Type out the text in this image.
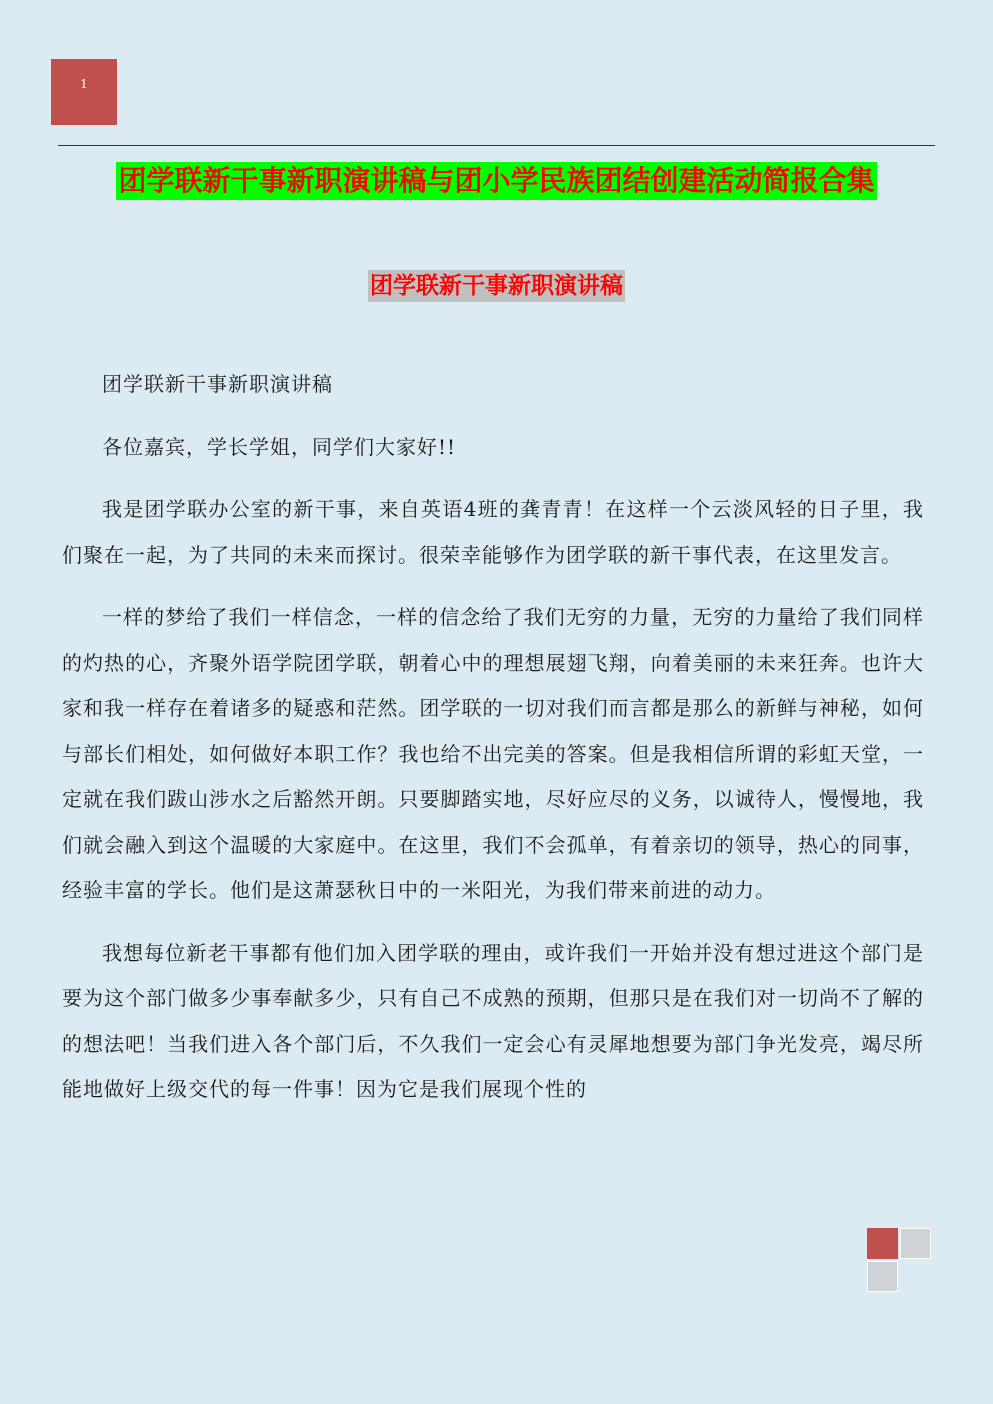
1
团学联新干事新职演讲稿与团小学民族团结创建活动简报合集
团学联新干事新职演讲稿

团学联新干事新职演讲稿

各位嘉宾，学长学姐，同学们大家好!!

我是团学联办公室的新干事，来自英语4班的龚青青！在这样一个云淡风轻的日子里，我们聚在一起，为了共同的未来而探讨。很荣幸能够作为团学联的新干事代表，在这里发言。

一样的梦给了我们一样信念，一样的信念给了我们无穷的力量，无穷的力量给了我们同样的灼热的心，齐聚外语学院团学联，朝着心中的理想展翅飞翔，向着美丽的未来狂奔。也许大家和我一样存在着诸多的疑惑和茫然。团学联的一切对我们而言都是那么的新鲜与神秘，如何与部长们相处，如何做好本职工作？我也给不出完美的答案。但是我相信所谓的彩虹天堂，一定就在我们跋山涉水之后豁然开朗。只要脚踏实地，尽好应尽的义务，以诚待人，慢慢地，我们就会融入到这个温暖的大家庭中。在这里，我们不会孤单，有着亲切的领导，热心的同事，经验丰富的学长。他们是这萧瑟秋日中的一米阳光，为我们带来前进的动力。

我想每位新老干事都有他们加入团学联的理由，或许我们一开始并没有想过进这个部门是要为这个部门做多少事奉献多少，只有自己不成熟的预期，但那只是在我们对一切尚不了解的的想法吧！当我们进入各个部门后，不久我们一定会心有灵犀地想要为部门争光发亮，竭尽所能地做好上级交代的每一件事！因为它是我们展现个性的
